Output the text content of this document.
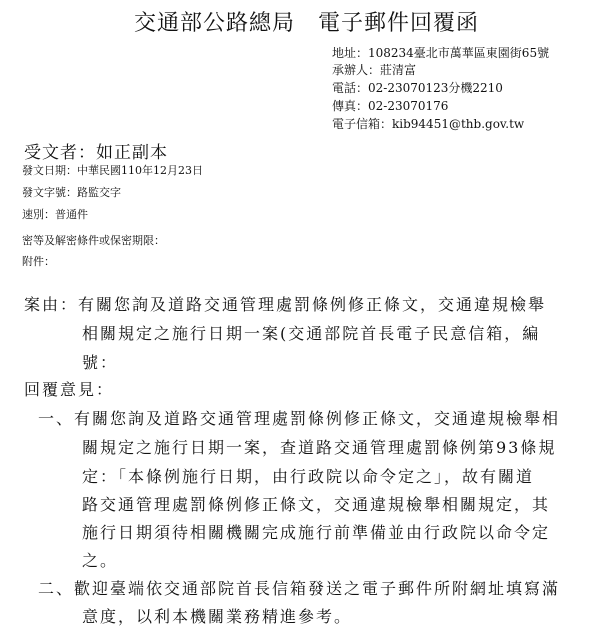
交通部公路總局　電子郵件回覆函
地址：108234臺北市萬華區東園街65號
承辦人：莊清富
電話：02-23070123分機2210
傳真：02-23070176
電子信箱：kib94451@thb.gov.tw
受文者：如正副本
發文日期：中華民國110年12月23日
發文字號：路監交字
速別：普通件
密等及解密條件或保密期限：
附件：
案由：有關您詢及道路交通管理處罰條例修正條文，交通違規檢舉
相關規定之施行日期一案(交通部院首長電子民意信箱，編
號：
回覆意見：
一、有關您詢及道路交通管理處罰條例修正條文，交通違規檢舉相
關規定之施行日期一案，查道路交通管理處罰條例第93條規
定：「本條例施行日期，由行政院以命令定之」，故有關道
路交通管理處罰條例修正條文，交通違規檢舉相關規定，其
施行日期須待相關機關完成施行前準備並由行政院以命令定
之。
二、歡迎臺端依交通部院首長信箱發送之電子郵件所附網址填寫滿
意度，以利本機關業務精進參考。
